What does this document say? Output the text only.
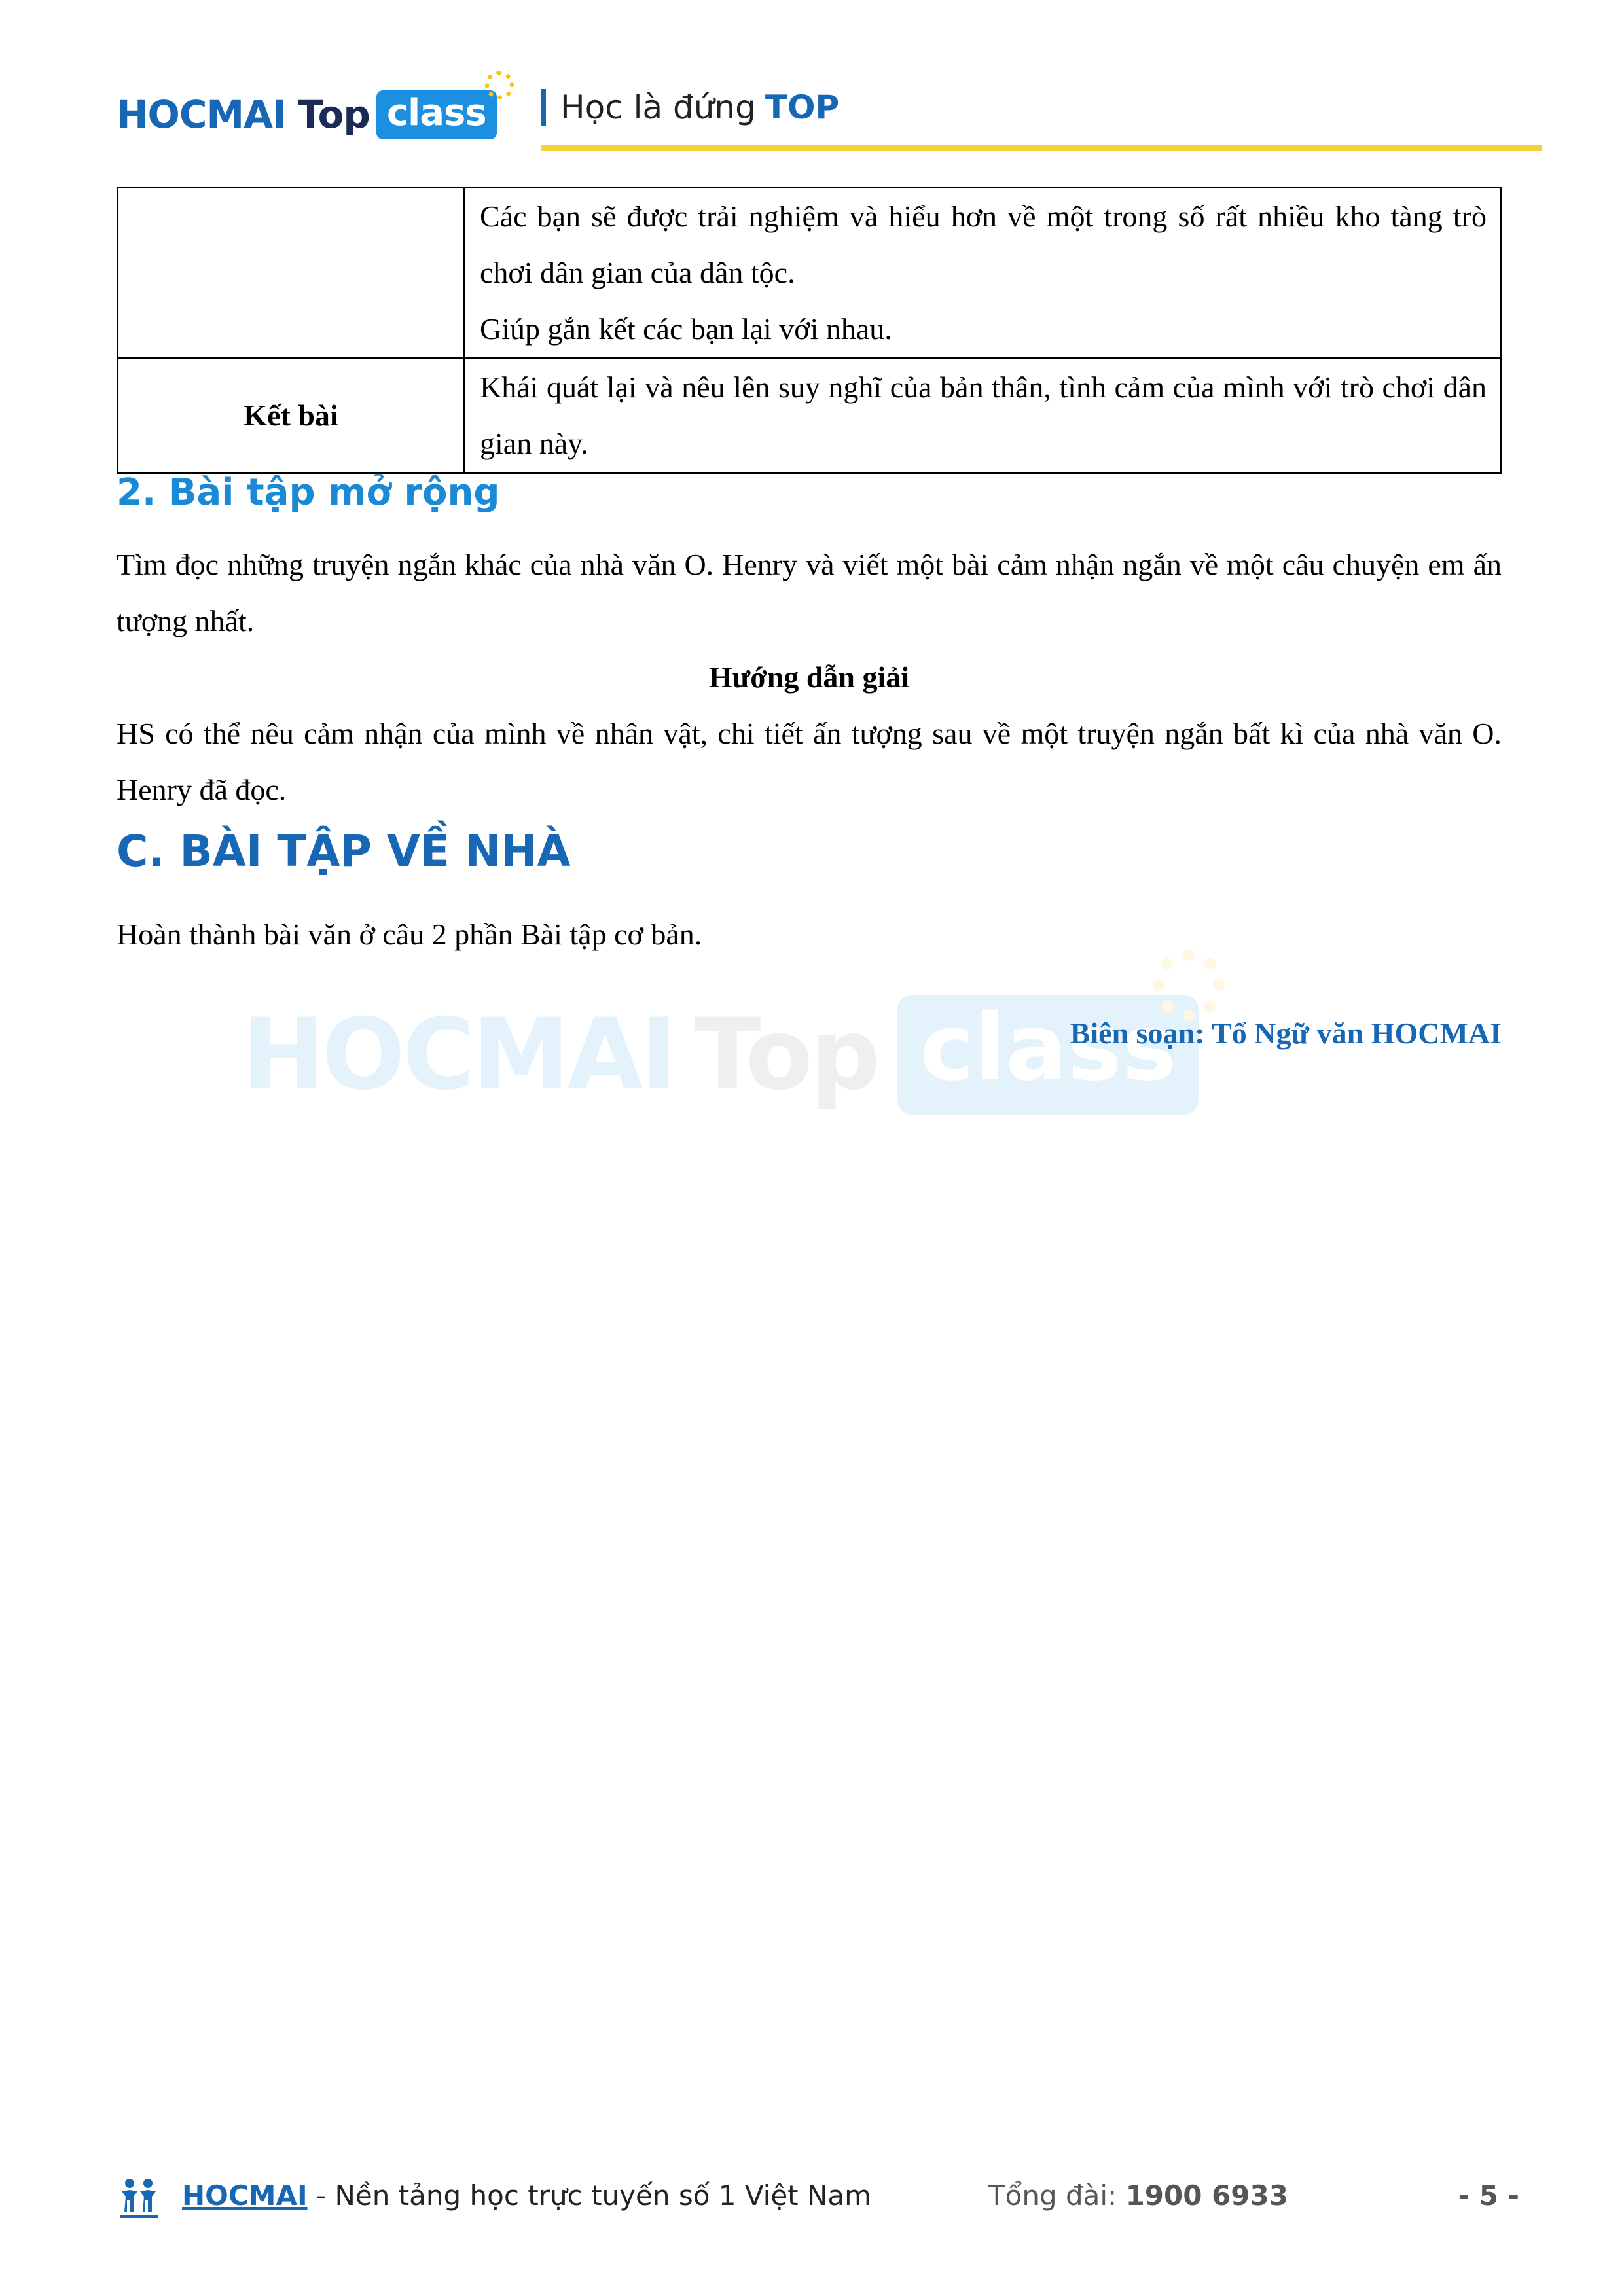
HOCMAI Top class	Học là đứng TOP

	Các bạn sẽ được trải nghiệm và hiểu hơn về một trong số rất nhiều kho tàng trò chơi dân gian của dân tộc.
Giúp gắn kết các bạn lại với nhau.

Kết bài	Khái quát lại và nêu lên suy nghĩ của bản thân, tình cảm của mình với trò chơi dân gian này.
2. Bài tập mở rộng
Tìm đọc những truyện ngắn khác của nhà văn O. Henry và viết một bài cảm nhận ngắn về một câu chuyện em ấn tượng nhất.
Hướng dẫn giải
HS có thể nêu cảm nhận của mình về nhân vật, chi tiết ấn tượng sau về một truyện ngắn bất kì của nhà văn O. Henry đã đọc.
C. BÀI TẬP VỀ NHÀ
Hoàn thành bài văn ở câu 2 phần Bài tập cơ bản.
HOCMAI Top class
Biên soạn: Tổ Ngữ văn HOCMAI
HOCMAI - Nền tảng học trực tuyến số 1 Việt Nam	Tổng đài: 1900 6933	- 5 -
